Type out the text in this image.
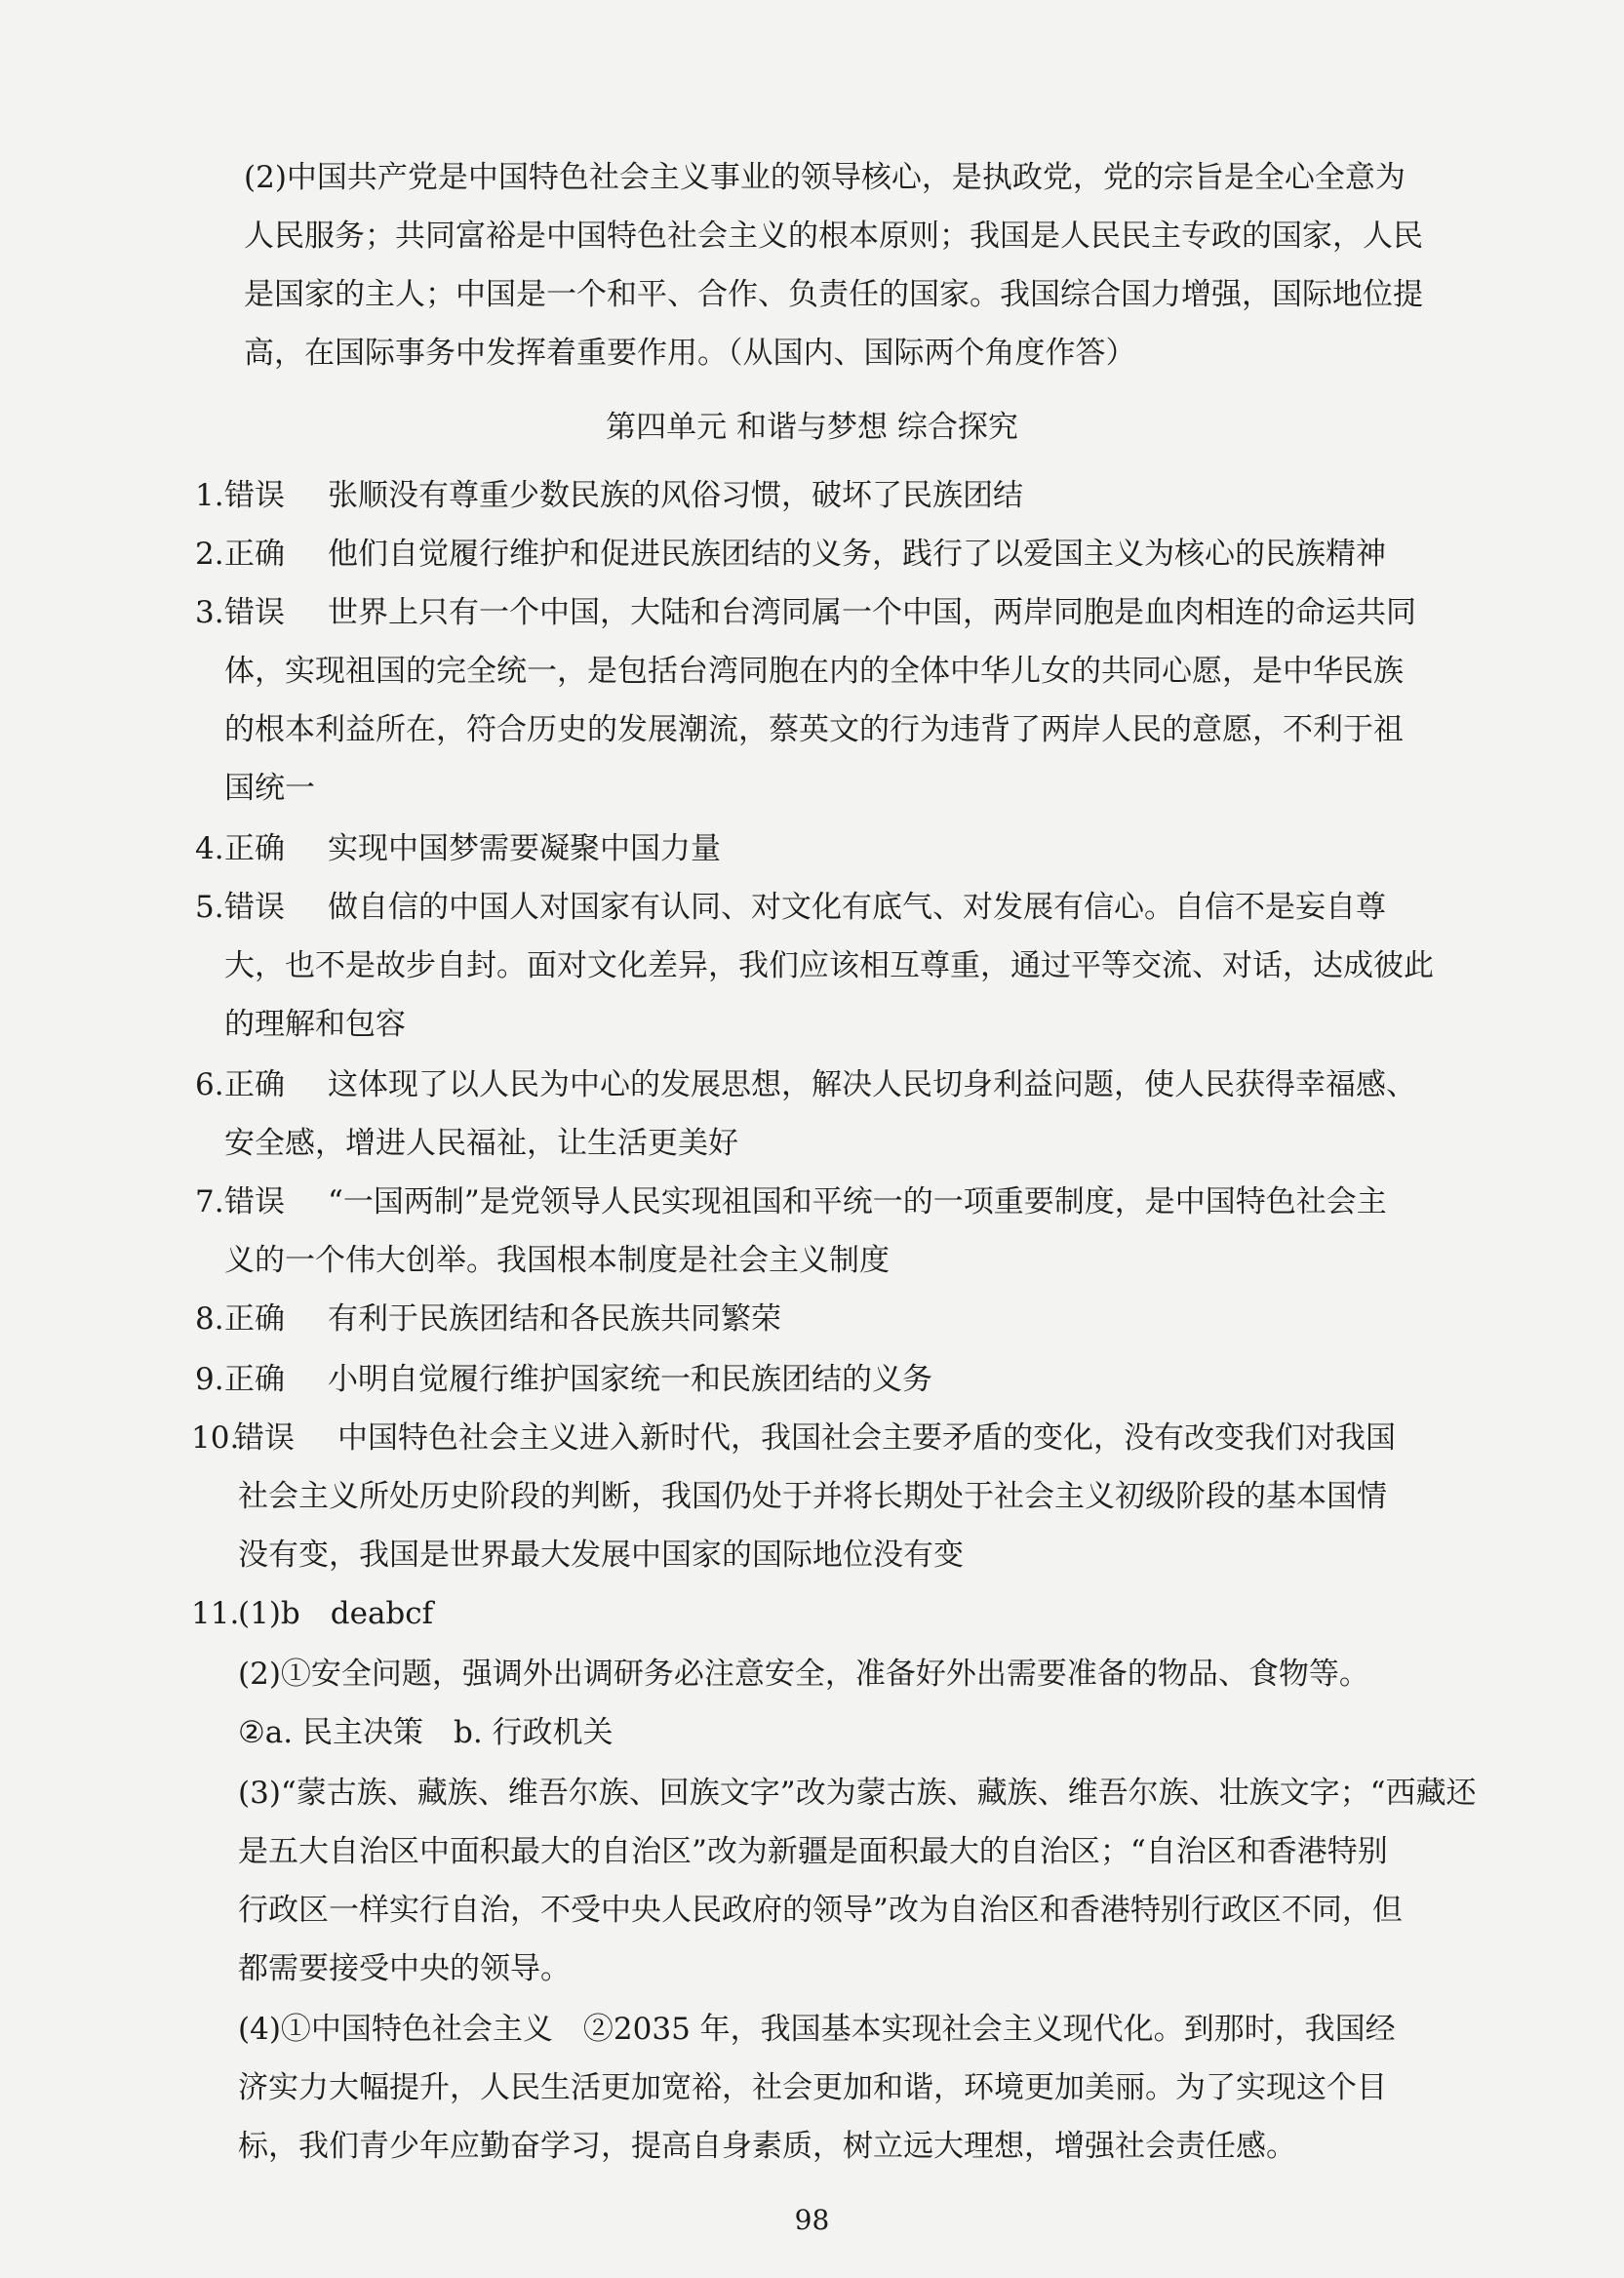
(2)中国共产党是中国特色社会主义事业的领导核心，是执政党，党的宗旨是全心全意为
人民服务；共同富裕是中国特色社会主义的根本原则；我国是人民民主专政的国家，人民
是国家的主人；中国是一个和平、合作、负责任的国家。我国综合国力增强，国际地位提
高，在国际事务中发挥着重要作用。（从国内、国际两个角度作答）
第四单元 和谐与梦想 综合探究
1. 错误 张顺没有尊重少数民族的风俗习惯，破坏了民族团结
2. 正确 他们自觉履行维护和促进民族团结的义务，践行了以爱国主义为核心的民族精神
3. 错误 世界上只有一个中国，大陆和台湾同属一个中国，两岸同胞是血肉相连的命运共同
体，实现祖国的完全统一，是包括台湾同胞在内的全体中华儿女的共同心愿，是中华民族
的根本利益所在，符合历史的发展潮流，蔡英文的行为违背了两岸人民的意愿，不利于祖
国统一
4. 正确 实现中国梦需要凝聚中国力量
5. 错误 做自信的中国人对国家有认同、对文化有底气、对发展有信心。自信不是妄自尊
大，也不是故步自封。面对文化差异，我们应该相互尊重，通过平等交流、对话，达成彼此
的理解和包容
6. 正确 这体现了以人民为中心的发展思想，解决人民切身利益问题，使人民获得幸福感、
安全感，增进人民福祉，让生活更美好
7. 错误 “一国两制”是党领导人民实现祖国和平统一的一项重要制度，是中国特色社会主
义的一个伟大创举。我国根本制度是社会主义制度
8. 正确 有利于民族团结和各民族共同繁荣
9. 正确 小明自觉履行维护国家统一和民族团结的义务
10.
错误 中国特色社会主义进入新时代，我国社会主要矛盾的变化，没有改变我们对我国
社会主义所处历史阶段的判断，我国仍处于并将长期处于社会主义初级阶段的基本国情
没有变，我国是世界最大发展中国家的国际地位没有变
11.
(1)b　deabcf
(2)①安全问题，强调外出调研务必注意安全，准备好外出需要准备的物品、食物等。
②a. 民主决策　b. 行政机关
(3)“蒙古族、藏族、维吾尔族、回族文字”改为蒙古族、藏族、维吾尔族、壮族文字；“西藏还
是五大自治区中面积最大的自治区”改为新疆是面积最大的自治区；“自治区和香港特别
行政区一样实行自治，不受中央人民政府的领导”改为自治区和香港特别行政区不同，但
都需要接受中央的领导。
(4)①中国特色社会主义　②2035 年，我国基本实现社会主义现代化。到那时，我国经
济实力大幅提升，人民生活更加宽裕，社会更加和谐，环境更加美丽。为了实现这个目
标，我们青少年应勤奋学习，提高自身素质，树立远大理想，增强社会责任感。
98
